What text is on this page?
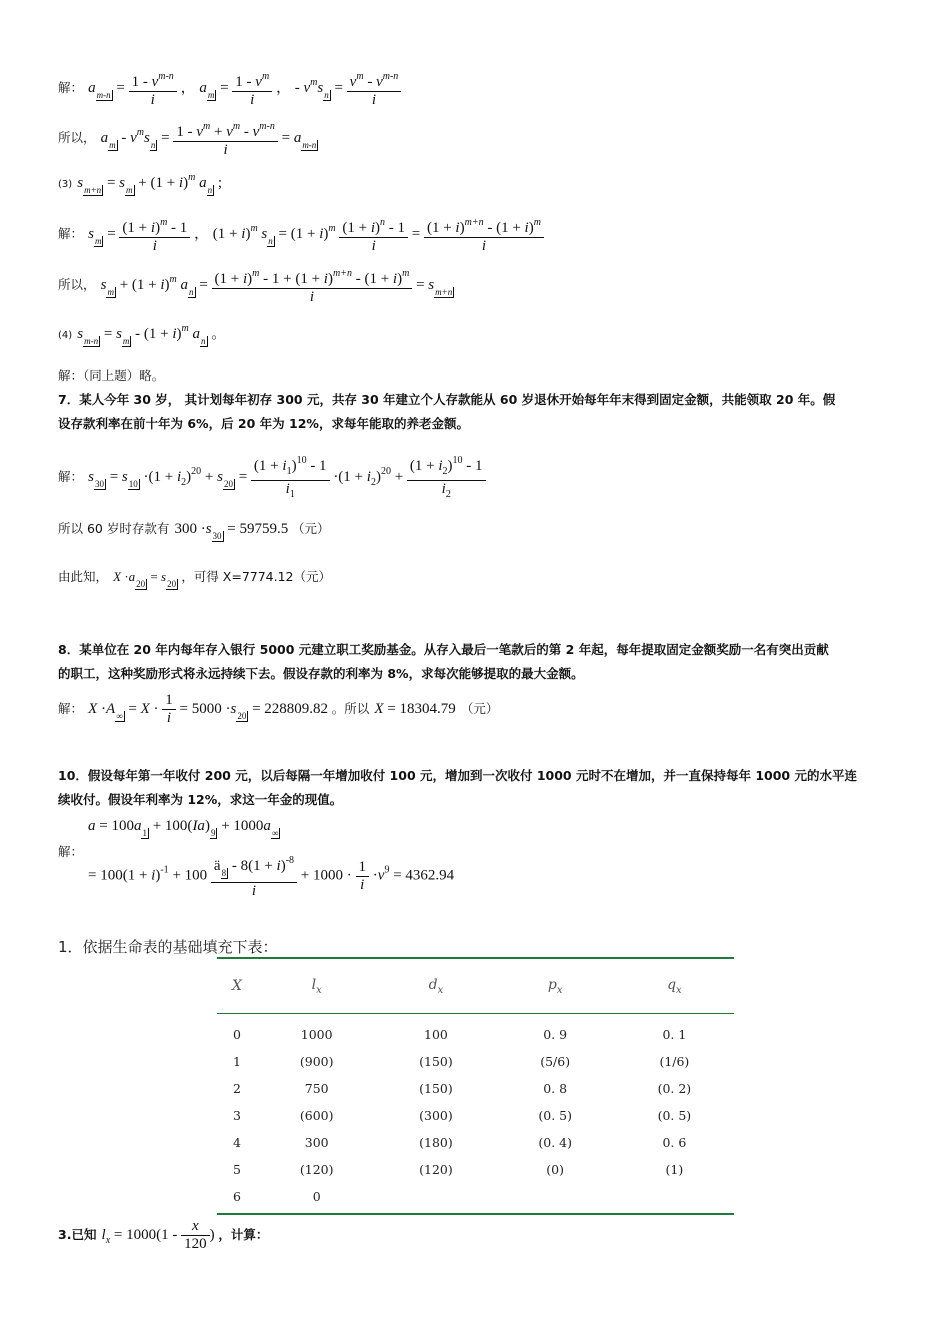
解： $a_{m-n} = \frac{1 - v^{m-n}}{i}$ ， $a_m = \frac{1 - v^m}{i}$ ， - $v^ms_n = \frac{v^m - v^{m-n}}{i}$
所以， $a_m - v^ms_n = \frac{1 - v^m + v^m - v^{m-n}}{i} = a_{m-n}$
(3) $s_{m+n} = s_m + (1 + i)^m$ $a_n$ ;
解： $s_m = \frac{(1 + i)^m - 1}{i}$ ， $(1 + i)^m$ $s_n = (1 + i)^m \frac{(1 + i)^n - 1}{i} = \frac{(1 + i)^{m+n} - (1 + i)^m}{i}$
所以， $s_m + (1 + i)^m$ $a_n = \frac{(1 + i)^m - 1 + (1 + i)^{m+n} - (1 + i)^m}{i} = s_{m+n}$
(4) $s_{m-n} = s_m - (1 + i)^m$ $a_n$ 。
解：（同上题）略。
7．某人今年 30 岁， 其计划每年初存 300 元，共存 30 年建立个人存款能从 60 岁退休开始每年年末得到固定金额，共能领取 20 年。假
设存款利率在前十年为 6%，后 20 年为 12%，求每年能取的养老金额。
解： $s_{30} = s_{10} \cdot(1 + i_2)^{20} + s_{20} = \frac{(1 + i_1)^{10} - 1}{i_1} \cdot(1 + i_2)^{20} + \frac{(1 + i_2)^{10} - 1}{i_2}$
所以 60 岁时存款有 $300 \cdot s_{30} = 59759.5$ （元）
由此知， $X \cdot a_{20} = s_{20}$ ，可得 X=7774.12（元）
8．某单位在 20 年内每年存入银行 5000 元建立职工奖励基金。从存入最后一笔款后的第 2 年起，每年提取固定金额奖励一名有突出贡献
的职工，这种奖励形式将永远持续下去。假设存款的利率为 8%，求每次能够提取的最大金额。
解： $X \cdot A_\infty = X \cdot \frac{1}{i} = 5000 \cdot s_{20} = 228809.82$ 。所以 X = 18304.79 （元）
10．假设每年第一年收付 200 元，以后每隔一年增加收付 100 元，增加到一次收付 1000 元时不在增加，并一直保持每年 1000 元的水平连
续收付。假设年利率为 12%，求这一年金的现值。
$a = 100a_1 + 100(Ia)_9 + 1000a_\infty$
解：
= $100(1 + i)^{-1} + 100 \frac{ä_8 - 8(1 + i)^{-8}}{i} + 1000 \cdot \frac{1}{i} \cdot v^9 = 4362.94$
1．依据生命表的基础填充下表：
X	$l_x$	$d_x$	$p_x$	$q_x$
0	1000	100	0. 9	0. 1
1	(900)	(150)	(5/6)	(1/6)
2	750	(150)	0. 8	(0. 2)
3	(600)	(300)	(0. 5)	(0. 5)
4	300	(180)	(0. 4)	0. 6
5	(120)	(120)	(0)	(1)
6	0			
3.已知 $l_x = 1000(1 - \frac{x}{120}$ ) ，计算：
